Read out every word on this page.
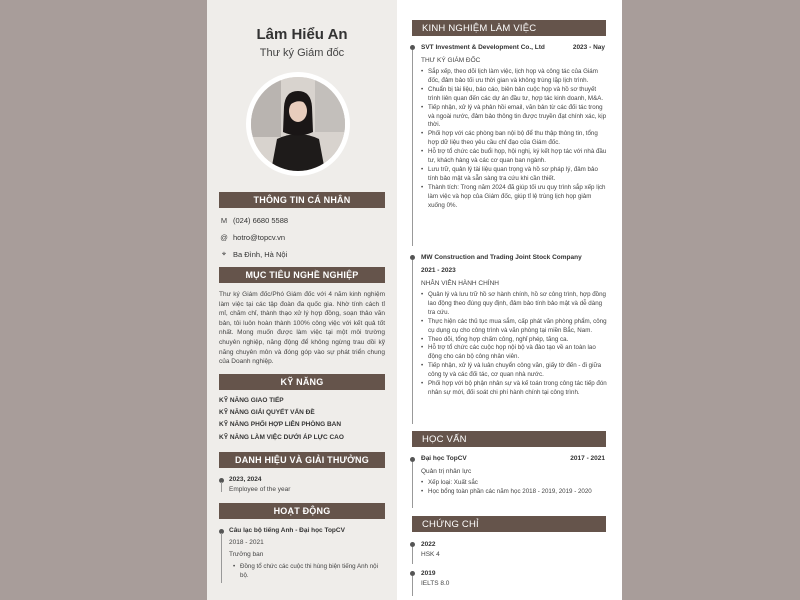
Lâm Hiểu An
Thư ký Giám đốc
THÔNG TIN CÁ NHÂN
M (024) 6680 5588
@ hotro@topcv.vn
⌖ Ba Đình, Hà Nội
MỤC TIÊU NGHỀ NGHIỆP
Thư ký Giám đốc/Phó Giám đốc với 4 năm kinh nghiệm làm việc tại các tập đoàn đa quốc gia. Nhờ tính cách tỉ mỉ, chăm chỉ, thành thạo xử lý hợp đồng, soạn thảo văn bản, tôi luôn hoàn thành 100% công việc với kết quả tốt nhất. Mong muốn được làm việc tại một môi trường chuyên nghiệp, năng động để không ngừng trau dồi kỹ năng chuyên môn và đóng góp vào sự phát triển chung của Doanh nghiệp.
KỸ NĂNG
KỸ NĂNG GIAO TIẾP
KỸ NĂNG GIẢI QUYẾT VẤN ĐỀ
KỸ NĂNG PHỐI HỢP LIÊN PHÒNG BAN
KỸ NĂNG LÀM VIỆC DƯỚI ÁP LỰC CAO
DANH HIỆU VÀ GIẢI THƯỞNG
2023, 2024
Employee of the year
HOẠT ĐỘNG
Câu lạc bộ tiếng Anh - Đại học TopCV
2018 - 2021
Trưởng ban
• Đồng tổ chức các cuộc thi hùng biện tiếng Anh nội bộ.
KINH NGHIỆM LÀM VIỆC
SVT Investment & Development Co., Ltd	2023 - Nay
THƯ KÝ GIÁM ĐỐC
• Sắp xếp, theo dõi lịch làm việc, lịch họp và công tác của Giám đốc, đảm bảo tối ưu thời gian và không trùng lặp lịch trình.
• Chuẩn bị tài liệu, báo cáo, biên bản cuộc họp và hồ sơ thuyết trình liên quan đến các dự án đầu tư, hợp tác kinh doanh, M&A.
• Tiếp nhận, xử lý và phản hồi email, văn bản từ các đối tác trong và ngoài nước, đảm bảo thông tin được truyền đạt chính xác, kịp thời.
• Phối hợp với các phòng ban nội bộ để thu thập thông tin, tổng hợp dữ liệu theo yêu cầu chỉ đạo của Giám đốc.
• Hỗ trợ tổ chức các buổi họp, hội nghị, ký kết hợp tác với nhà đầu tư, khách hàng và các cơ quan ban ngành.
• Lưu trữ, quản lý tài liệu quan trọng và hồ sơ pháp lý, đảm bảo tính bảo mật và sẵn sàng tra cứu khi cần thiết.
• Thành tích: Trong năm 2024 đã giúp tối ưu quy trình sắp xếp lịch làm việc và họp của Giám đốc, giúp tỉ lệ trùng lịch họp giảm xuống 0%.
MW Construction and Trading Joint Stock Company
2021 - 2023
NHÂN VIÊN HÀNH CHÍNH
• Quản lý và lưu trữ hồ sơ hành chính, hồ sơ công trình, hợp đồng lao động theo đúng quy định, đảm bảo tính bảo mật và dễ dàng tra cứu.
• Thực hiện các thủ tục mua sắm, cấp phát văn phòng phẩm, công cụ dụng cụ cho công trình và văn phòng tại miền Bắc, Nam.
• Theo dõi, tổng hợp chấm công, nghỉ phép, tăng ca.
• Hỗ trợ tổ chức các cuộc họp nội bộ và đào tạo về an toàn lao động cho cán bộ công nhân viên.
• Tiếp nhận, xử lý và luân chuyển công văn, giấy tờ đến - đi giữa công ty và các đối tác, cơ quan nhà nước.
• Phối hợp với bộ phận nhân sự và kế toán trong công tác tiếp đón nhân sự mới, đối soát chi phí hành chính tại công trình.
HỌC VẤN
Đại học TopCV	2017 - 2021
Quản trị nhân lực
• Xếp loại: Xuất sắc
• Học bổng toàn phần các năm học 2018 - 2019, 2019 - 2020
CHỨNG CHỈ
2022
HSK 4
2019
IELTS 8.0
